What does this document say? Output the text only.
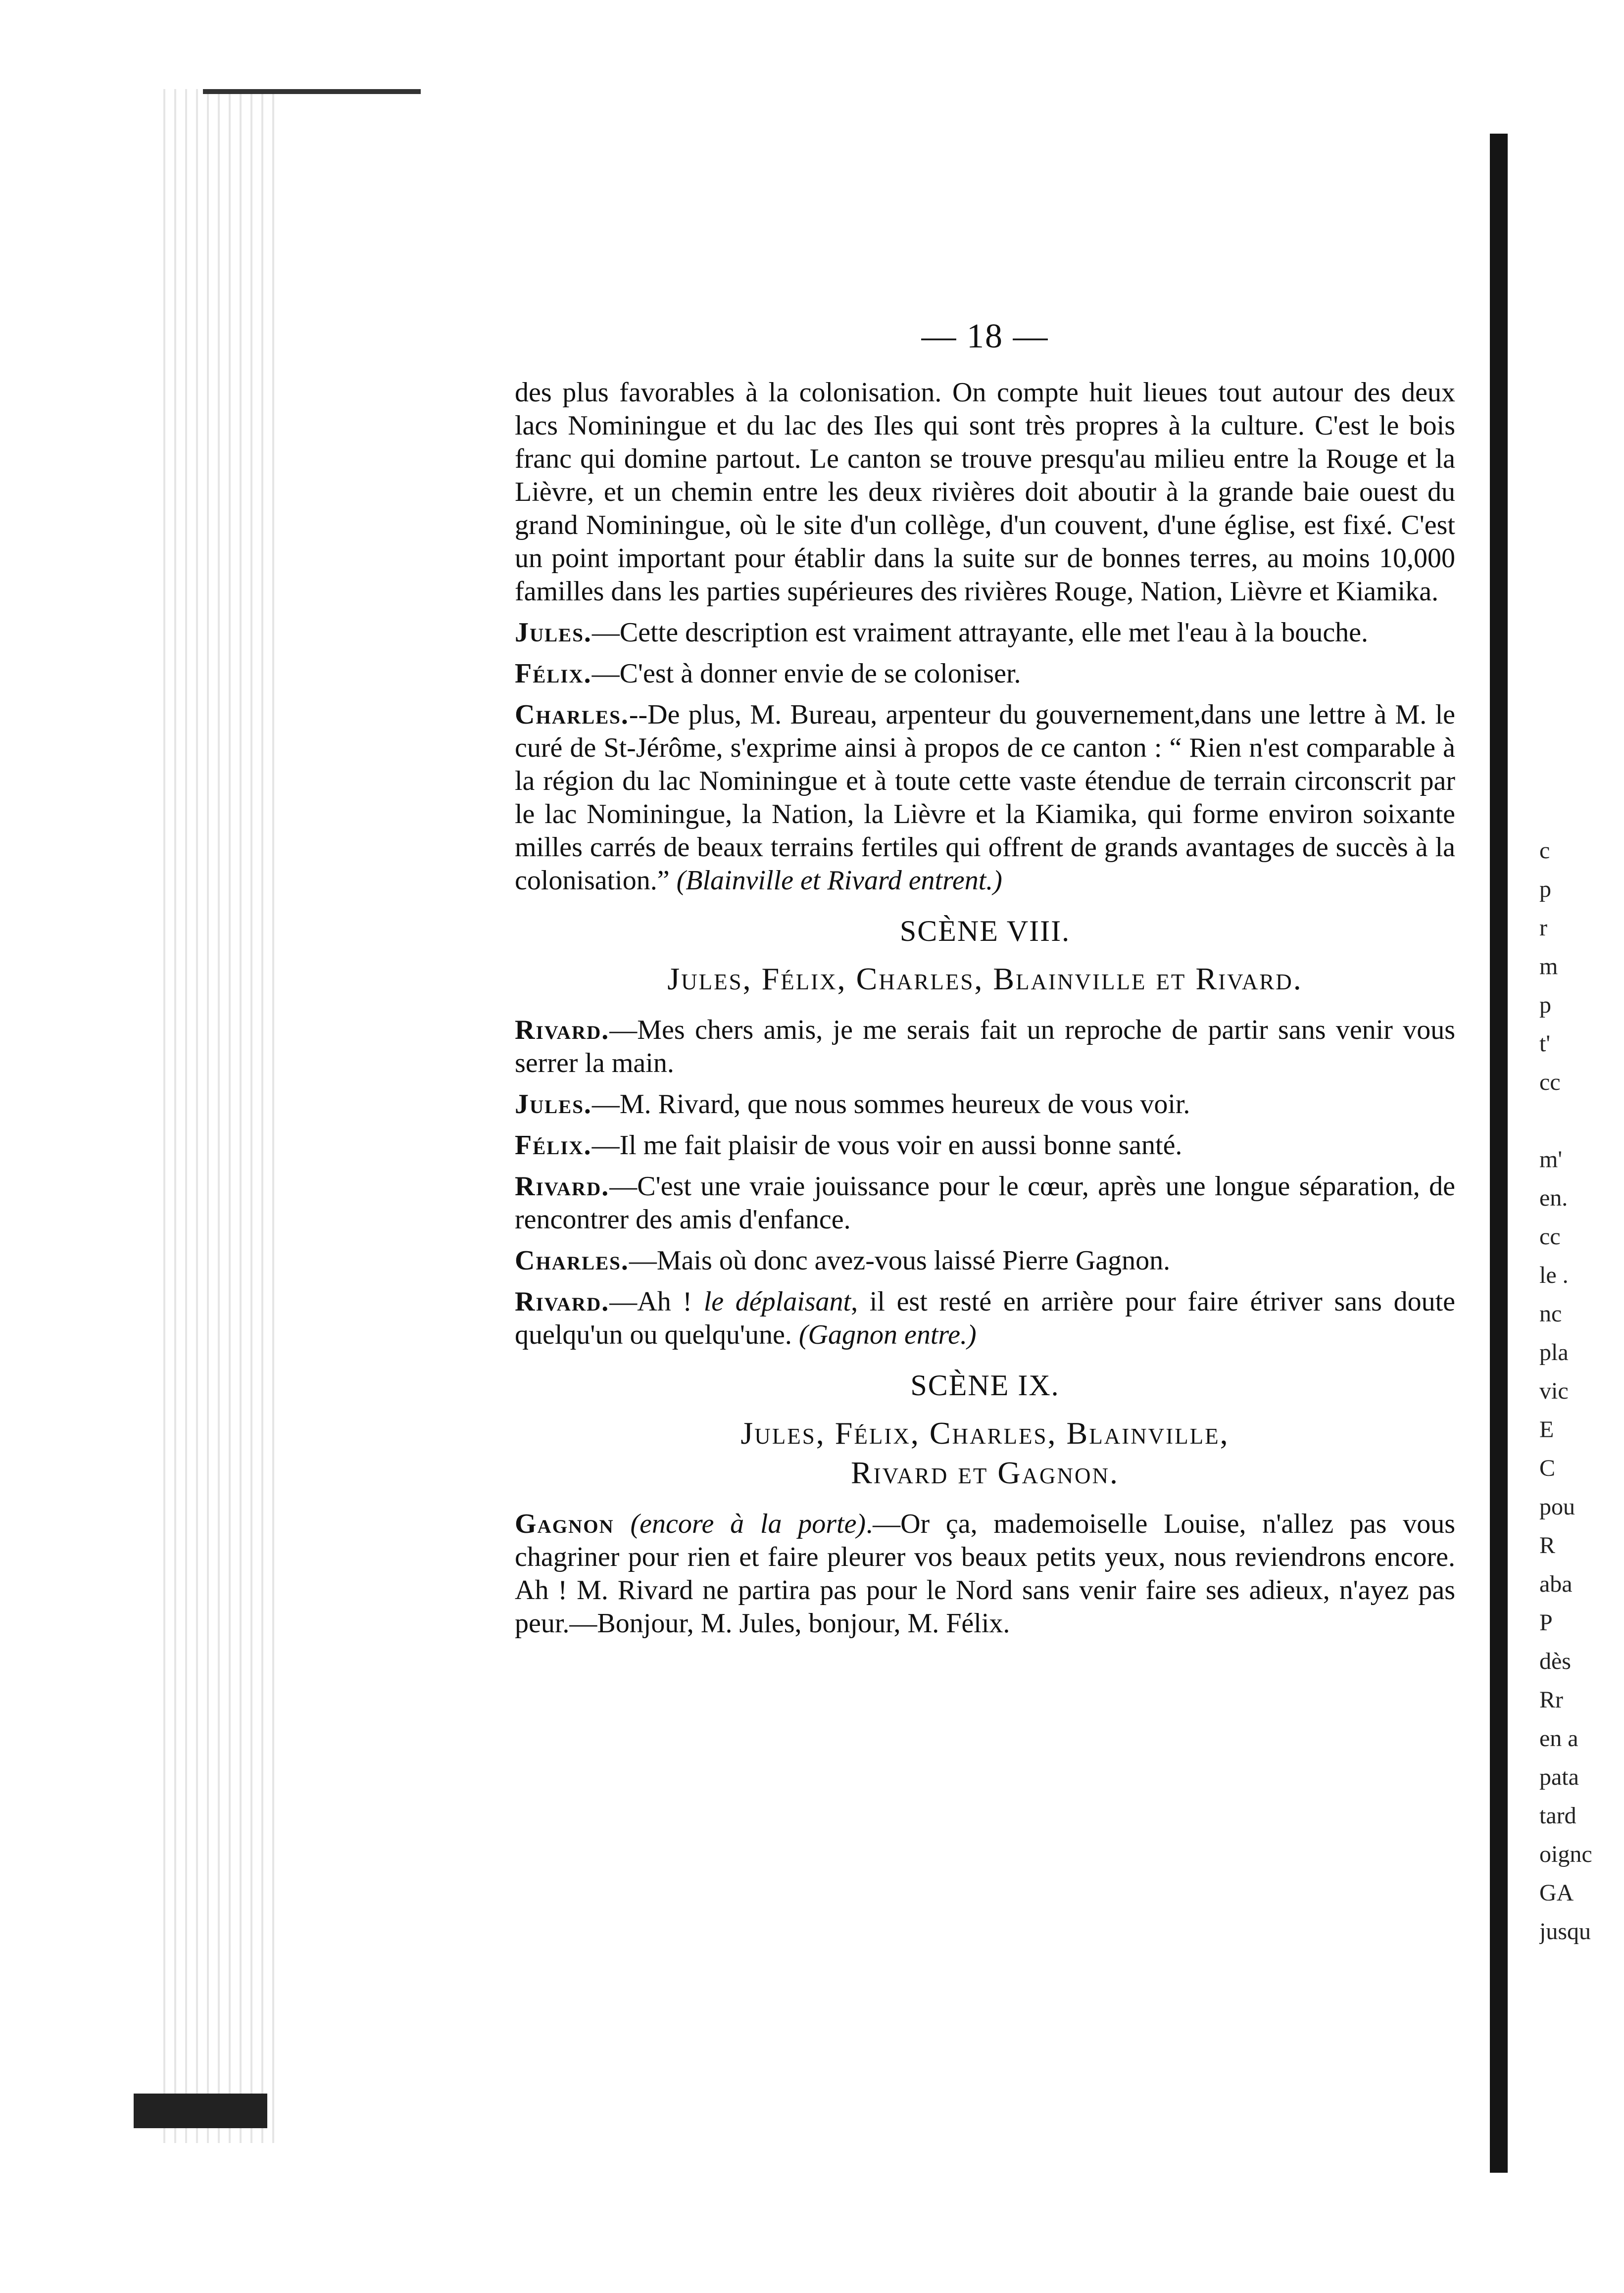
— 18 —

des plus favorables à la colonisation. On compte huit lieues tout autour des deux lacs Nominingue et du lac des Iles qui sont très propres à la culture. C'est le bois franc qui domine partout. Le canton se trouve presqu'au milieu entre la Rouge et la Lièvre, et un chemin entre les deux rivières doit aboutir à la grande baie ouest du grand Nominingue, où le site d'un collège, d'un couvent, d'une église, est fixé. C'est un point important pour établir dans la suite sur de bonnes terres, au moins 10,000 familles dans les parties supérieures des rivières Rouge, Nation, Lièvre et Kiamika.

Jules.—Cette description est vraiment attrayante, elle met l'eau à la bouche.

Félix.—C'est à donner envie de se coloniser.

Charles.--De plus, M. Bureau, arpenteur du gouvernement,dans une lettre à M. le curé de St-Jérôme, s'exprime ainsi à propos de ce canton : “ Rien n'est comparable à la région du lac Nominingue et à toute cette vaste étendue de terrain circonscrit par le lac Nominingue, la Nation, la Lièvre et la Kiamika, qui forme environ soixante milles carrés de beaux terrains fertiles qui offrent de grands avantages de succès à la colonisation.” (Blainville et Rivard entrent.)

SCÈNE VIII.
Jules, Félix, Charles, Blainville et Rivard.

Rivard.—Mes chers amis, je me serais fait un reproche de partir sans venir vous serrer la main.

Jules.—M. Rivard, que nous sommes heureux de vous voir.

Félix.—Il me fait plaisir de vous voir en aussi bonne santé.

Rivard.—C'est une vraie jouissance pour le cœur, après une longue séparation, de rencontrer des amis d'enfance.

Charles.—Mais où donc avez-vous laissé Pierre Gagnon.

Rivard.—Ah ! le déplaisant, il est resté en arrière pour faire étriver sans doute quelqu'un ou quelqu'une. (Gagnon entre.)

SCÈNE IX.
Jules, Félix, Charles, Blainville,
Rivard et Gagnon.

Gagnon (encore à la porte).—Or ça, mademoiselle Louise, n'allez pas vous chagriner pour rien et faire pleurer vos beaux petits yeux, nous reviendrons encore. Ah ! M. Rivard ne partira pas pour le Nord sans venir faire ses adieux, n'ayez pas peur.—Bonjour, M. Jules, bonjour, M. Félix.

c
p
r
m
p
t'
cc

m'
en.
cc
le .
nc
pla
vic
E
C
pou
R
aba
P
dès
Rr
en a
pata
tard
oignc
GA
jusqu
